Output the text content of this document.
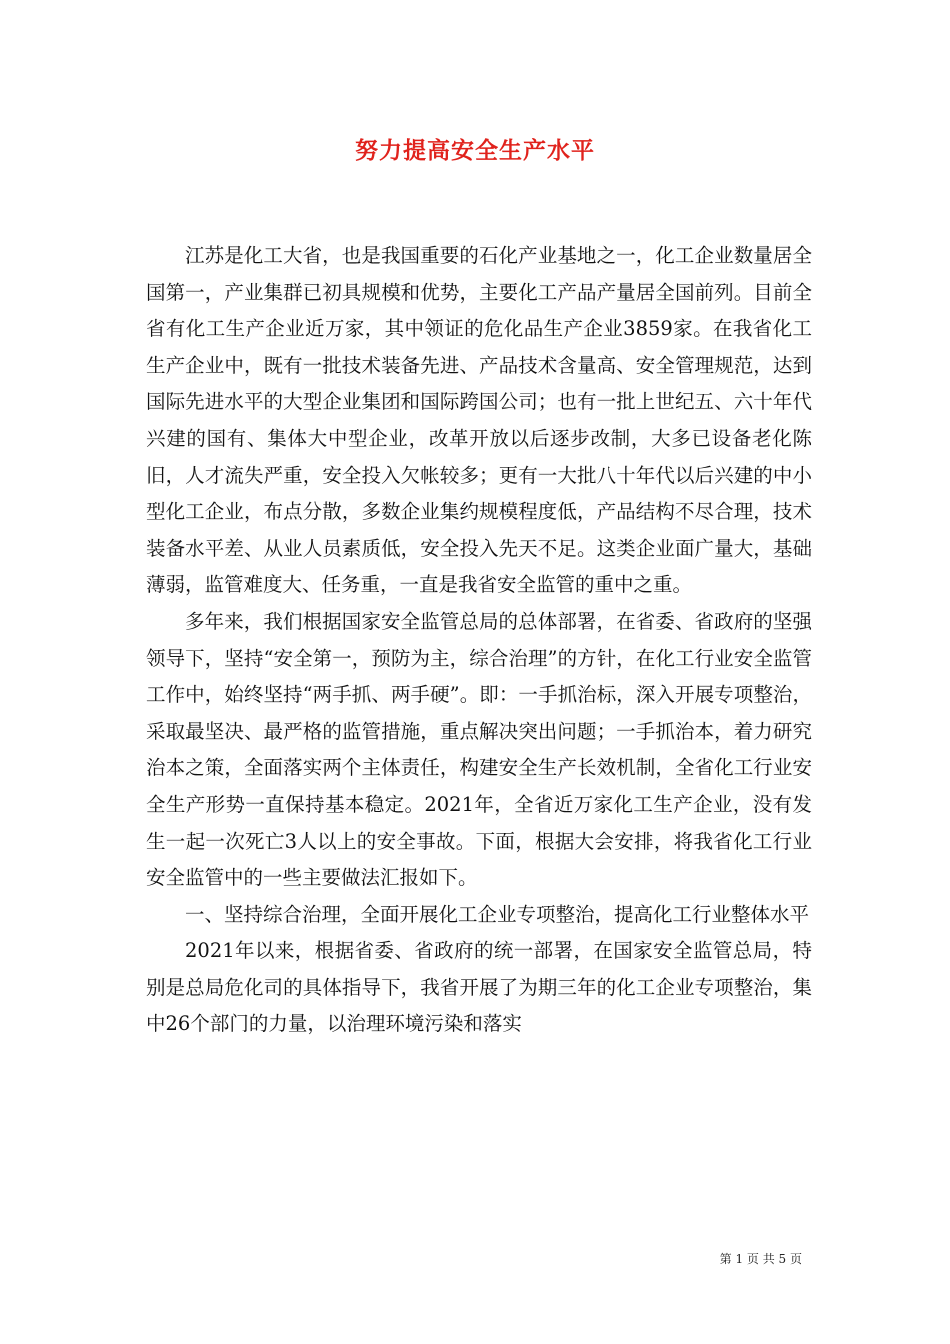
努力提高安全生产水平

江苏是化工大省，也是我国重要的石化产业基地之一，化工企业数量居全国第一，产业集群已初具规模和优势，主要化工产品产量居全国前列。目前全省有化工生产企业近万家，其中领证的危化品生产企业3859家。在我省化工生产企业中，既有一批技术装备先进、产品技术含量高、安全管理规范，达到国际先进水平的大型企业集团和国际跨国公司；也有一批上世纪五、六十年代兴建的国有、集体大中型企业，改革开放以后逐步改制，大多已设备老化陈旧，人才流失严重，安全投入欠帐较多；更有一大批八十年代以后兴建的中小型化工企业，布点分散，多数企业集约规模程度低，产品结构不尽合理，技术装备水平差、从业人员素质低，安全投入先天不足。这类企业面广量大，基础薄弱，监管难度大、任务重，一直是我省安全监管的重中之重。

多年来，我们根据国家安全监管总局的总体部署，在省委、省政府的坚强领导下，坚持“安全第一，预防为主，综合治理”的方针，在化工行业安全监管工作中，始终坚持“两手抓、两手硬”。即：一手抓治标，深入开展专项整治，采取最坚决、最严格的监管措施，重点解决突出问题；一手抓治本，着力研究治本之策，全面落实两个主体责任，构建安全生产长效机制，全省化工行业安全生产形势一直保持基本稳定。2021年，全省近万家化工生产企业，没有发生一起一次死亡3人以上的安全事故。下面，根据大会安排，将我省化工行业安全监管中的一些主要做法汇报如下。

一、坚持综合治理，全面开展化工企业专项整治，提高化工行业整体水平

2021年以来，根据省委、省政府的统一部署，在国家安全监管总局，特别是总局危化司的具体指导下，我省开展了为期三年的化工企业专项整治，集中26个部门的力量，以治理环境污染和落实

第 1 页 共 5 页
